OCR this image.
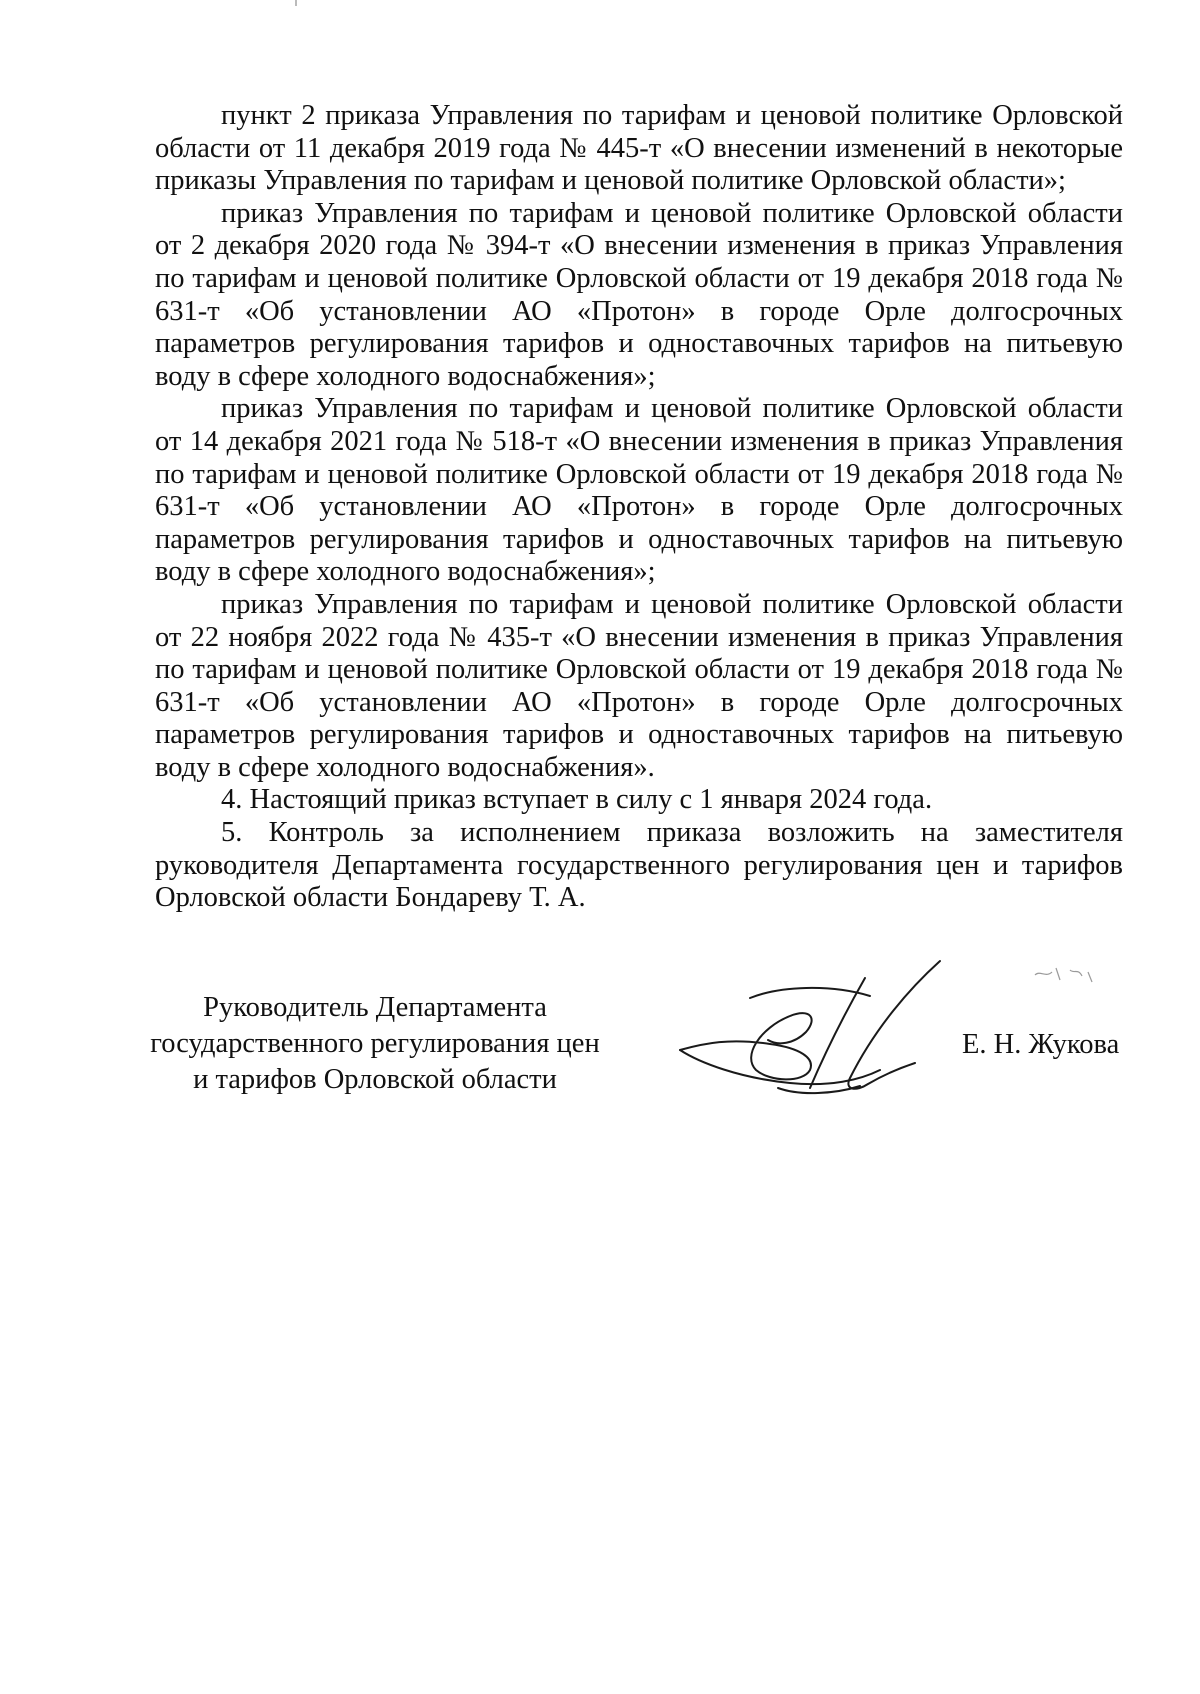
пункт 2 приказа Управления по тарифам и ценовой политике Орловской области от 11 декабря 2019 года № 445-т «О внесении изменений в некоторые приказы Управления по тарифам и ценовой политике Орловской области»;

приказ Управления по тарифам и ценовой политике Орловской области от 2 декабря 2020 года № 394-т «О внесении изменения в приказ Управления по тарифам и ценовой политике Орловской области от 19 декабря 2018 года № 631-т «Об установлении АО «Протон» в городе Орле долгосрочных параметров регулирования тарифов и одноставочных тарифов на питьевую воду в сфере холодного водоснабжения»;

приказ Управления по тарифам и ценовой политике Орловской области от 14 декабря 2021 года № 518-т «О внесении изменения в приказ Управления по тарифам и ценовой политике Орловской области от 19 декабря 2018 года № 631-т «Об установлении АО «Протон» в городе Орле долгосрочных параметров регулирования тарифов и одноставочных тарифов на питьевую воду в сфере холодного водоснабжения»;

приказ Управления по тарифам и ценовой политике Орловской области от 22 ноября 2022 года № 435-т «О внесении изменения в приказ Управления по тарифам и ценовой политике Орловской области от 19 декабря 2018 года № 631-т «Об установлении АО «Протон» в городе Орле долгосрочных параметров регулирования тарифов и одноставочных тарифов на питьевую воду в сфере холодного водоснабжения».

4. Настоящий приказ вступает в силу с 1 января 2024 года.

5. Контроль за исполнением приказа возложить на заместителя руководителя Департамента государственного регулирования цен и тарифов Орловской области Бондареву Т. А.

Руководитель Департамента
государственного регулирования цен
и тарифов Орловской области
Е. Н. Жукова
